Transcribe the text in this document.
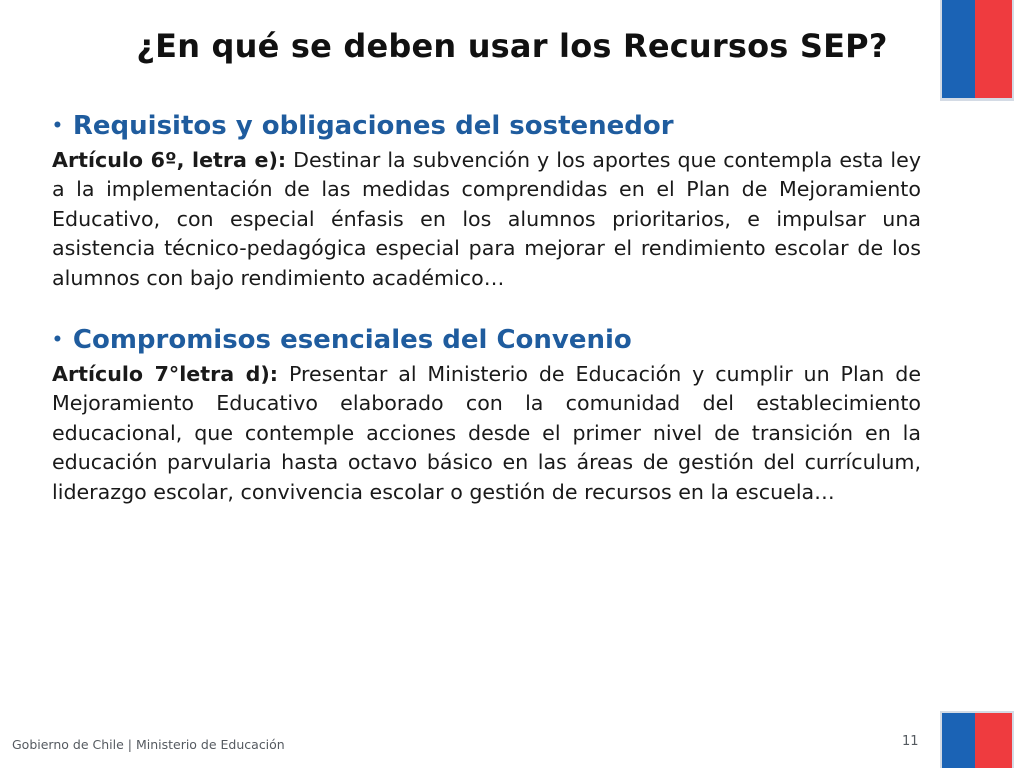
¿En qué se deben usar los Recursos SEP?
• Requisitos y obligaciones del sostenedor

Artículo 6º, letra e): Destinar la subvención y los aportes que contempla esta ley a la implementación de las medidas comprendidas en el Plan de Mejoramiento Educativo, con especial énfasis en los alumnos prioritarios, e impulsar una asistencia técnico-pedagógica especial para mejorar el rendimiento escolar de los alumnos con bajo rendimiento académico…

• Compromisos esenciales del Convenio

Artículo 7°letra d): Presentar al Ministerio de Educación y cumplir un Plan de Mejoramiento Educativo elaborado con la comunidad del establecimiento educacional, que contemple acciones desde el primer nivel de transición en la educación parvularia hasta octavo básico en las áreas de gestión del currículum, liderazgo escolar, convivencia escolar o gestión de recursos en la escuela…

Gobierno de Chile | Ministerio de Educación	11
